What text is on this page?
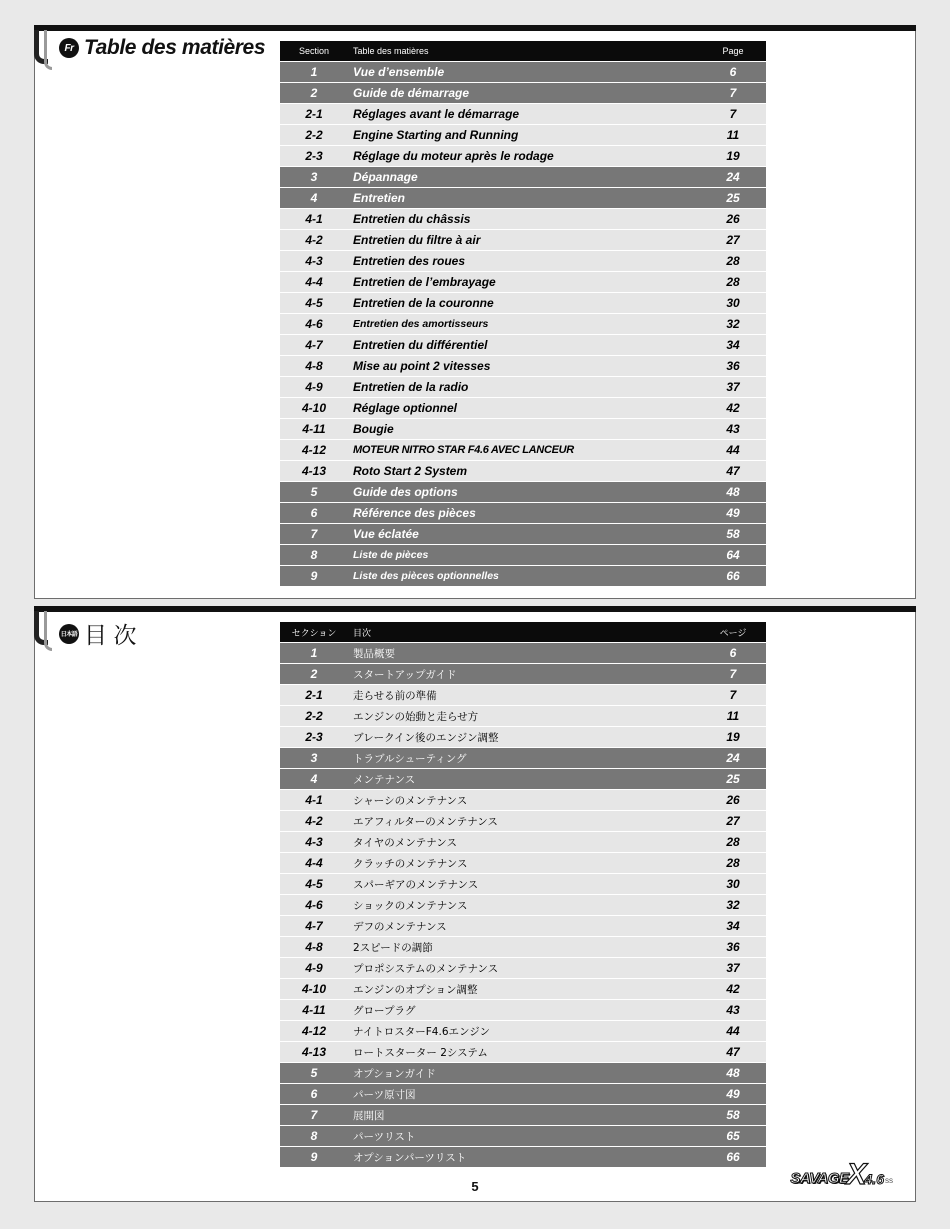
Fr Table des matières	Section	Table des matières	Page
1	Vue d’ensemble	6
2	Guide de démarrage	7
2-1	Réglages avant le démarrage	7
2-2	Engine Starting and Running	11
2-3	Réglage du moteur après le rodage	19
3	Dépannage	24
4	Entretien	25
4-1	Entretien du châssis	26
4-2	Entretien du filtre à air	27
4-3	Entretien des roues	28
4-4	Entretien de l’embrayage	28
4-5	Entretien de la couronne	30
4-6	Entretien des amortisseurs	32
4-7	Entretien du différentiel	34
4-8	Mise au point 2 vitesses	36
4-9	Entretien de la radio	37
4-10	Réglage optionnel	42
4-11	Bougie	43
4-12	MOTEUR NITRO STAR F4.6 AVEC LANCEUR	44
4-13	Roto Start 2 System	47
5	Guide des options	48
6	Référence des pièces	49
7	Vue éclatée	58
8	Liste de pièces	64
9	Liste des pièces optionnelles	66
日本語 目 次	セクション	目次	ページ
1	製品概要	6
2	スタートアップガイド	7
2-1	走らせる前の準備	7
2-2	エンジンの始動と走らせ方	11
2-3	ブレークイン後のエンジン調整	19
3	トラブルシューティング	24
4	メンテナンス	25
4-1	シャーシのメンテナンス	26
4-2	エアフィルターのメンテナンス	27
4-3	タイヤのメンテナンス	28
4-4	クラッチのメンテナンス	28
4-5	スパーギアのメンテナンス	30
4-6	ショックのメンテナンス	32
4-7	デフのメンテナンス	34
4-8	2スピードの調節	36
4-9	プロポシステムのメンテナンス	37
4-10	エンジンのオプション調整	42
4-11	グロープラグ	43
4-12	ナイトロスターF4.6エンジン	44
4-13	ロートスターター 2システム	47
5	オプションガイド	48
6	パーツ原寸図	49
7	展開図	58
8	パーツリスト	65
9	オプションパーツリスト	66
5	SAVAGE
X
4.6 SS
